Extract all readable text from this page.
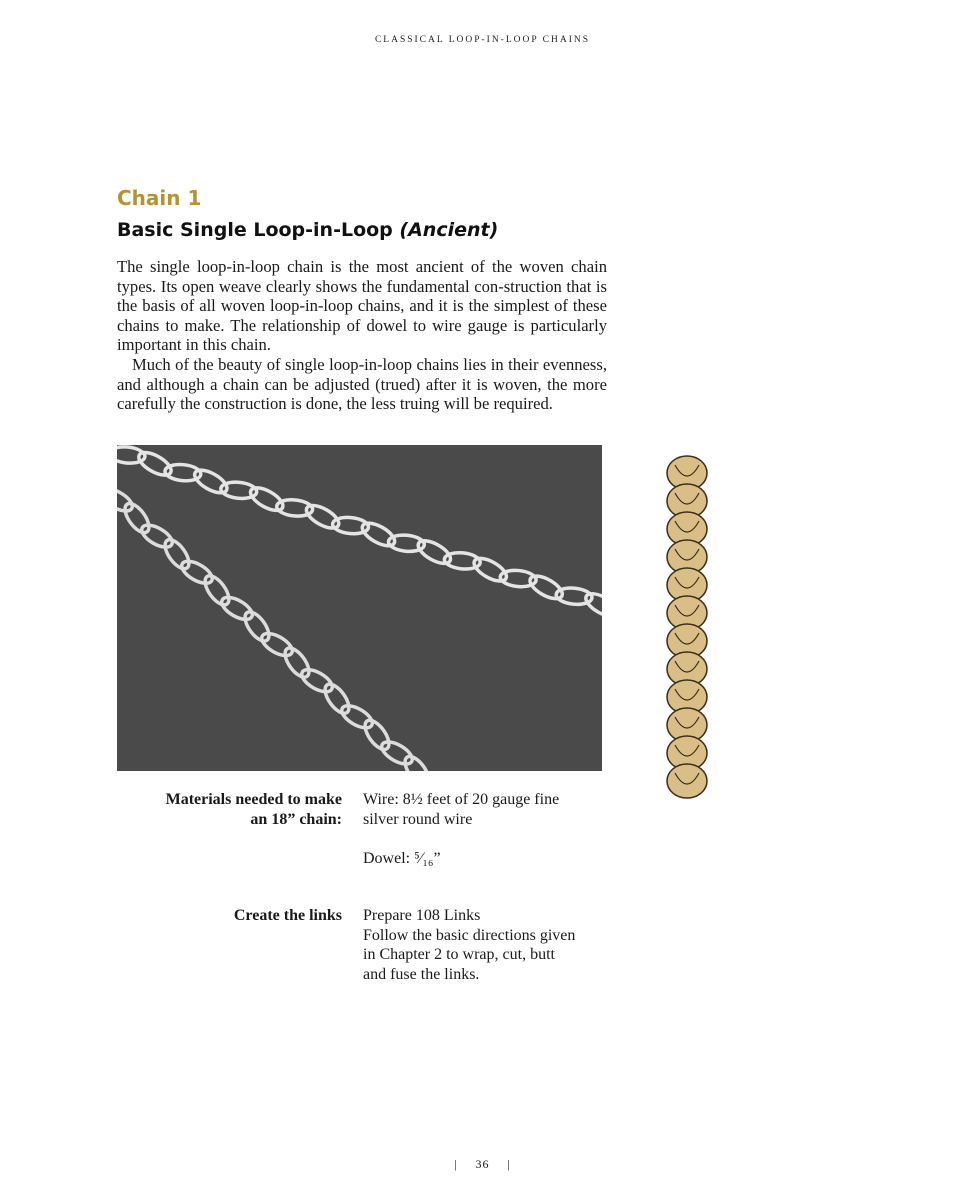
CLASSICAL LOOP-IN-LOOP CHAINS
Chain 1
Basic Single Loop-in-Loop (Ancient)

The single loop-in-loop chain is the most ancient of the woven chain types. Its open weave clearly shows the fundamental con-struction that is the basis of all woven loop-in-loop chains, and it is the simplest of these chains to make. The relationship of dowel to wire gauge is particularly important in this chain.

Much of the beauty of single loop-in-loop chains lies in their evenness, and although a chain can be adjusted (trued) after it is woven, the more carefully the construction is done, the less truing will be required.

Materials needed to make
an 18” chain:
Wire: 8½ feet of 20 gauge fine
silver round wire
Dowel: ⁵⁄₁₆”
Create the links Prepare 108 Links
Follow the basic directions given
in Chapter 2 to wrap, cut, butt
and fuse the links.
| 36 |
